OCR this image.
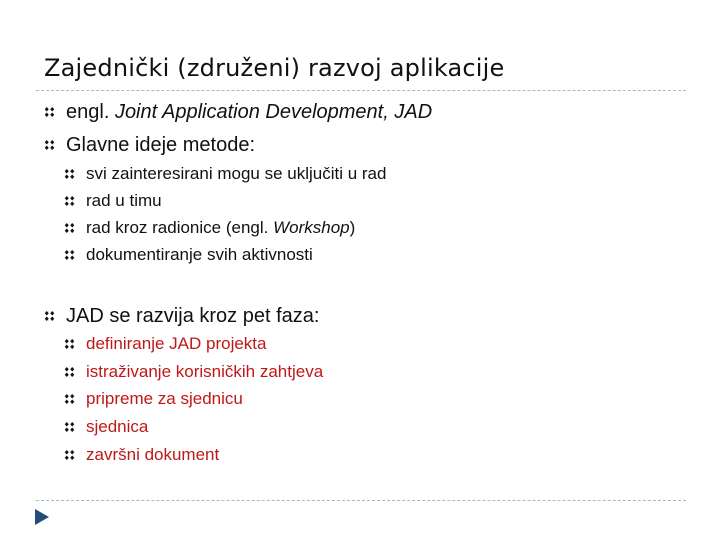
Zajednički (združeni) razvoj aplikacije
engl. Joint Application Development, JAD
Glavne ideje metode:
svi zainteresirani mogu se uključiti u rad
rad u timu
rad kroz radionice (engl. Workshop)
dokumentiranje svih aktivnosti
JAD se razvija kroz pet faza:
definiranje JAD projekta
istraživanje korisničkih zahtjeva
pripreme za sjednicu
sjednica
završni dokument
